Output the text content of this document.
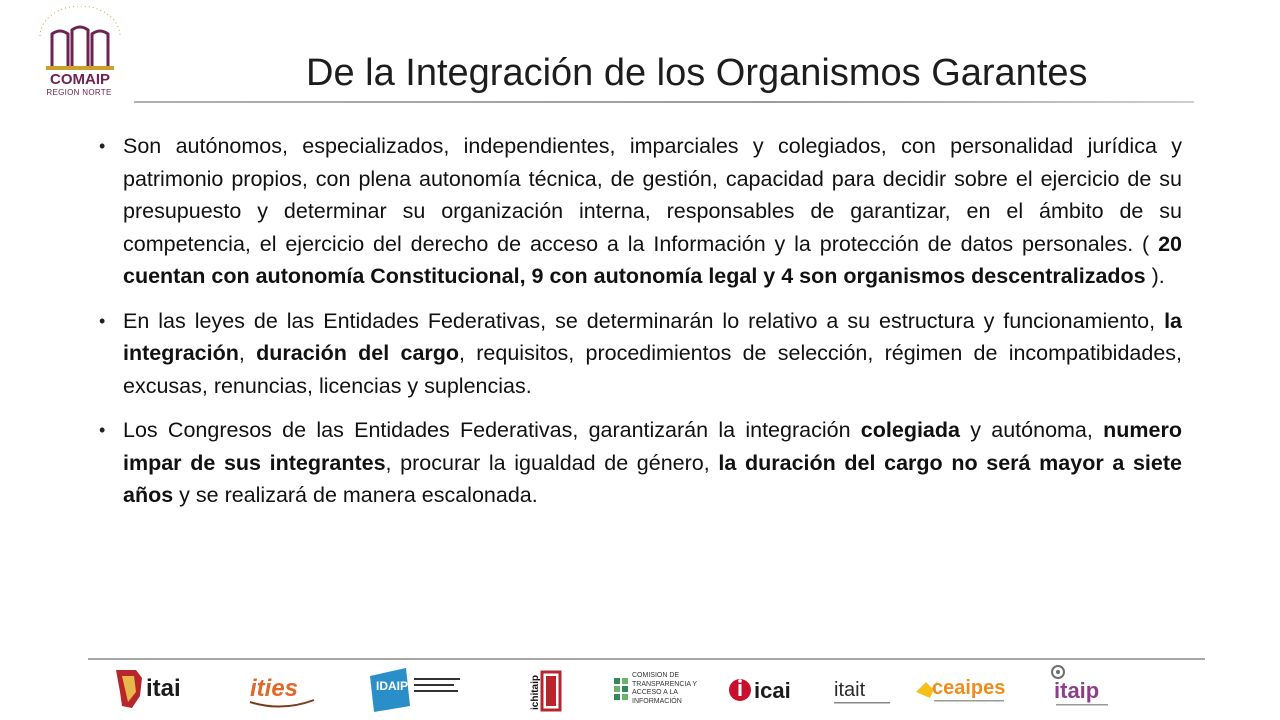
COMAIP
REGION NORTE	De la Integración de los Organismos Garantes
• Son autónomos, especializados, independientes, imparciales y colegiados, con personalidad jurídica y patrimonio propios, con plena autonomía técnica, de gestión, capacidad para decidir sobre el ejercicio de su presupuesto y determinar su organización interna, responsables de garantizar, en el ámbito de su competencia, el ejercicio del derecho de acceso a la Información y la protección de datos personales. ( 20 cuentan con autonomía Constitucional, 9 con autonomía legal y 4 son organismos descentralizados ).
• En las leyes de las Entidades Federativas, se determinarán lo relativo a su estructura y funcionamiento, la integración, duración del cargo, requisitos, procedimientos de selección, régimen de incompatibidades, excusas, renuncias, licencias y suplencias.
• Los Congresos de las Entidades Federativas, garantizarán la integración colegiada y autónoma, numero impar de sus integrantes, procurar la igualdad de género, la duración del cargo no será mayor a siete años y se realizará de manera escalonada.
itai	ities	IDAIP	ichitaip	COMISIÓN DE TRANSPARENCIA Y ACCESO A LA INFORMACIÓN	icai itait	ceaipes itaip
